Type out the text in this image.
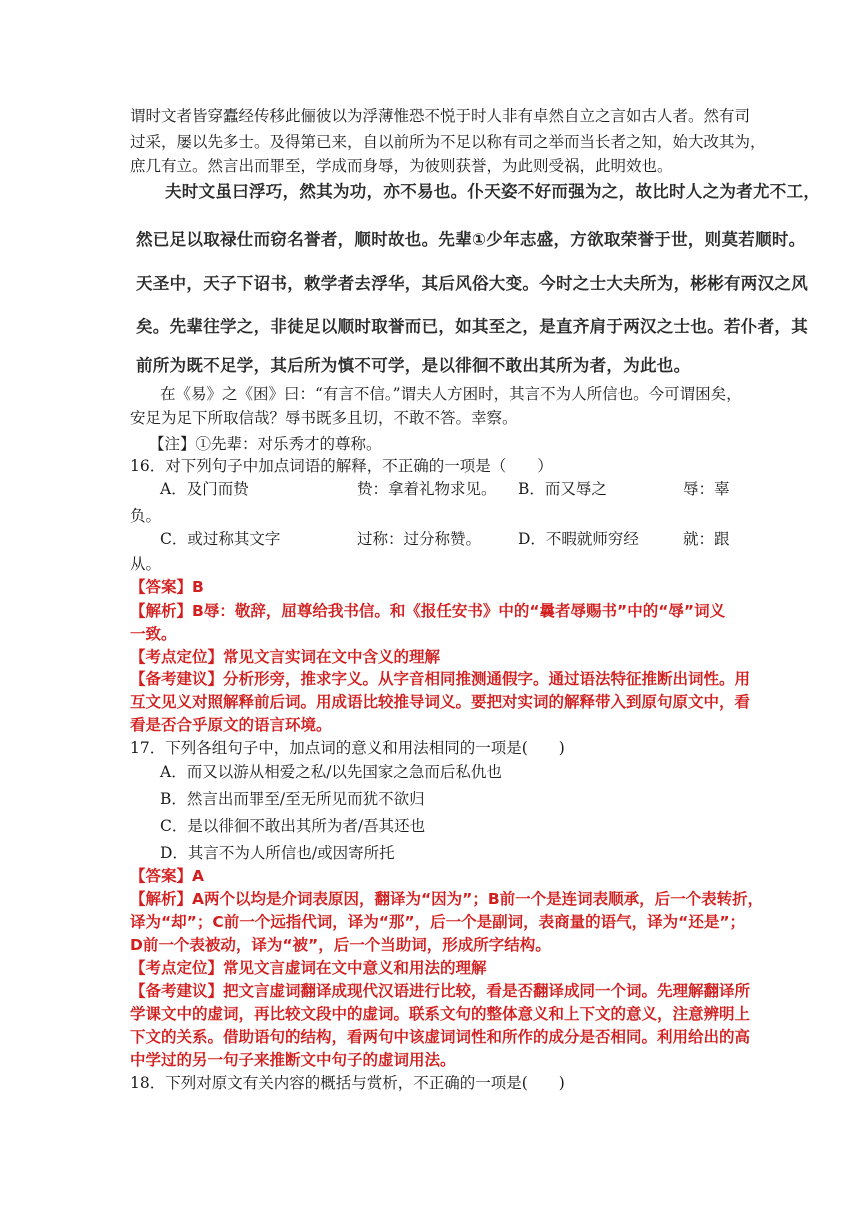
谓时文者皆穿蠹经传移此俪彼以为浮薄惟恐不悦于时人非有卓然自立之言如古人者。然有司
过采，屡以先多士。及得第已来，自以前所为不足以称有司之举而当长者之知，始大改其为，
庶几有立。然言出而罪至，学成而身辱，为彼则获誉，为此则受祸，此明效也。
夫时文虽曰浮巧，然其为功，亦不易也。仆天姿不好而强为之，故比时人之为者尤不工，
然已足以取禄仕而窃名誉者，顺时故也。先辈①少年志盛，方欲取荣誉于世，则莫若顺时。
天圣中，天子下诏书，敕学者去浮华，其后风俗大变。今时之士大夫所为，彬彬有两汉之风
矣。先辈往学之，非徒足以顺时取誉而已，如其至之，是直齐肩于两汉之士也。若仆者，其
前所为既不足学，其后所为慎不可学，是以徘徊不敢出其所为者，为此也。
在《易》之《困》曰：“有言不信。”谓夫人方困时，其言不为人所信也。今可谓困矣，
安足为足下所取信哉？辱书既多且切，不敢不答。幸察。
【注】①先辈：对乐秀才的尊称。
16．对下列句子中加点词语的解释，不正确的一项是（　　）
A．及门而贽	贽：拿着礼物求见。 B．而又辱之	辱：辜
负。
C．或过称其文字	过称：过分称赞。 D．不暇就师穷经	就：跟
从。
【答案】B
【解析】B辱：敬辞，屈尊给我书信。和《报任安书》中的“曩者辱赐书”中的“辱”词义
一致。
【考点定位】常见文言实词在文中含义的理解
【备考建议】分析形旁，推求字义。从字音相同推测通假字。通过语法特征推断出词性。用
互文见义对照解释前后词。用成语比较推导词义。要把对实词的解释带入到原句原文中，看
看是否合乎原文的语言环境。
17．下列各组句子中，加点词的意义和用法相同的一项是(　　)
A．而又以游从相爱之私/以先国家之急而后私仇也
B．然言出而罪至/至无所见而犹不欲归
C．是以徘徊不敢出其所为者/吾其还也
D．其言不为人所信也/或因寄所托
【答案】A
【解析】A两个以均是介词表原因，翻译为“因为”；B前一个是连词表顺承，后一个表转折，
译为“却”；C前一个远指代词，译为“那”，后一个是副词，表商量的语气，译为“还是”；
D前一个表被动，译为“被”，后一个当助词，形成所字结构。
【考点定位】常见文言虚词在文中意义和用法的理解
【备考建议】把文言虚词翻译成现代汉语进行比较，看是否翻译成同一个词。先理解翻译所
学课文中的虚词，再比较文段中的虚词。联系文句的整体意义和上下文的意义，注意辨明上
下文的关系。借助语句的结构，看两句中该虚词词性和所作的成分是否相同。利用给出的高
中学过的另一句子来推断文中句子的虚词用法。
18．下列对原文有关内容的概括与赏析，不正确的一项是(　　)
